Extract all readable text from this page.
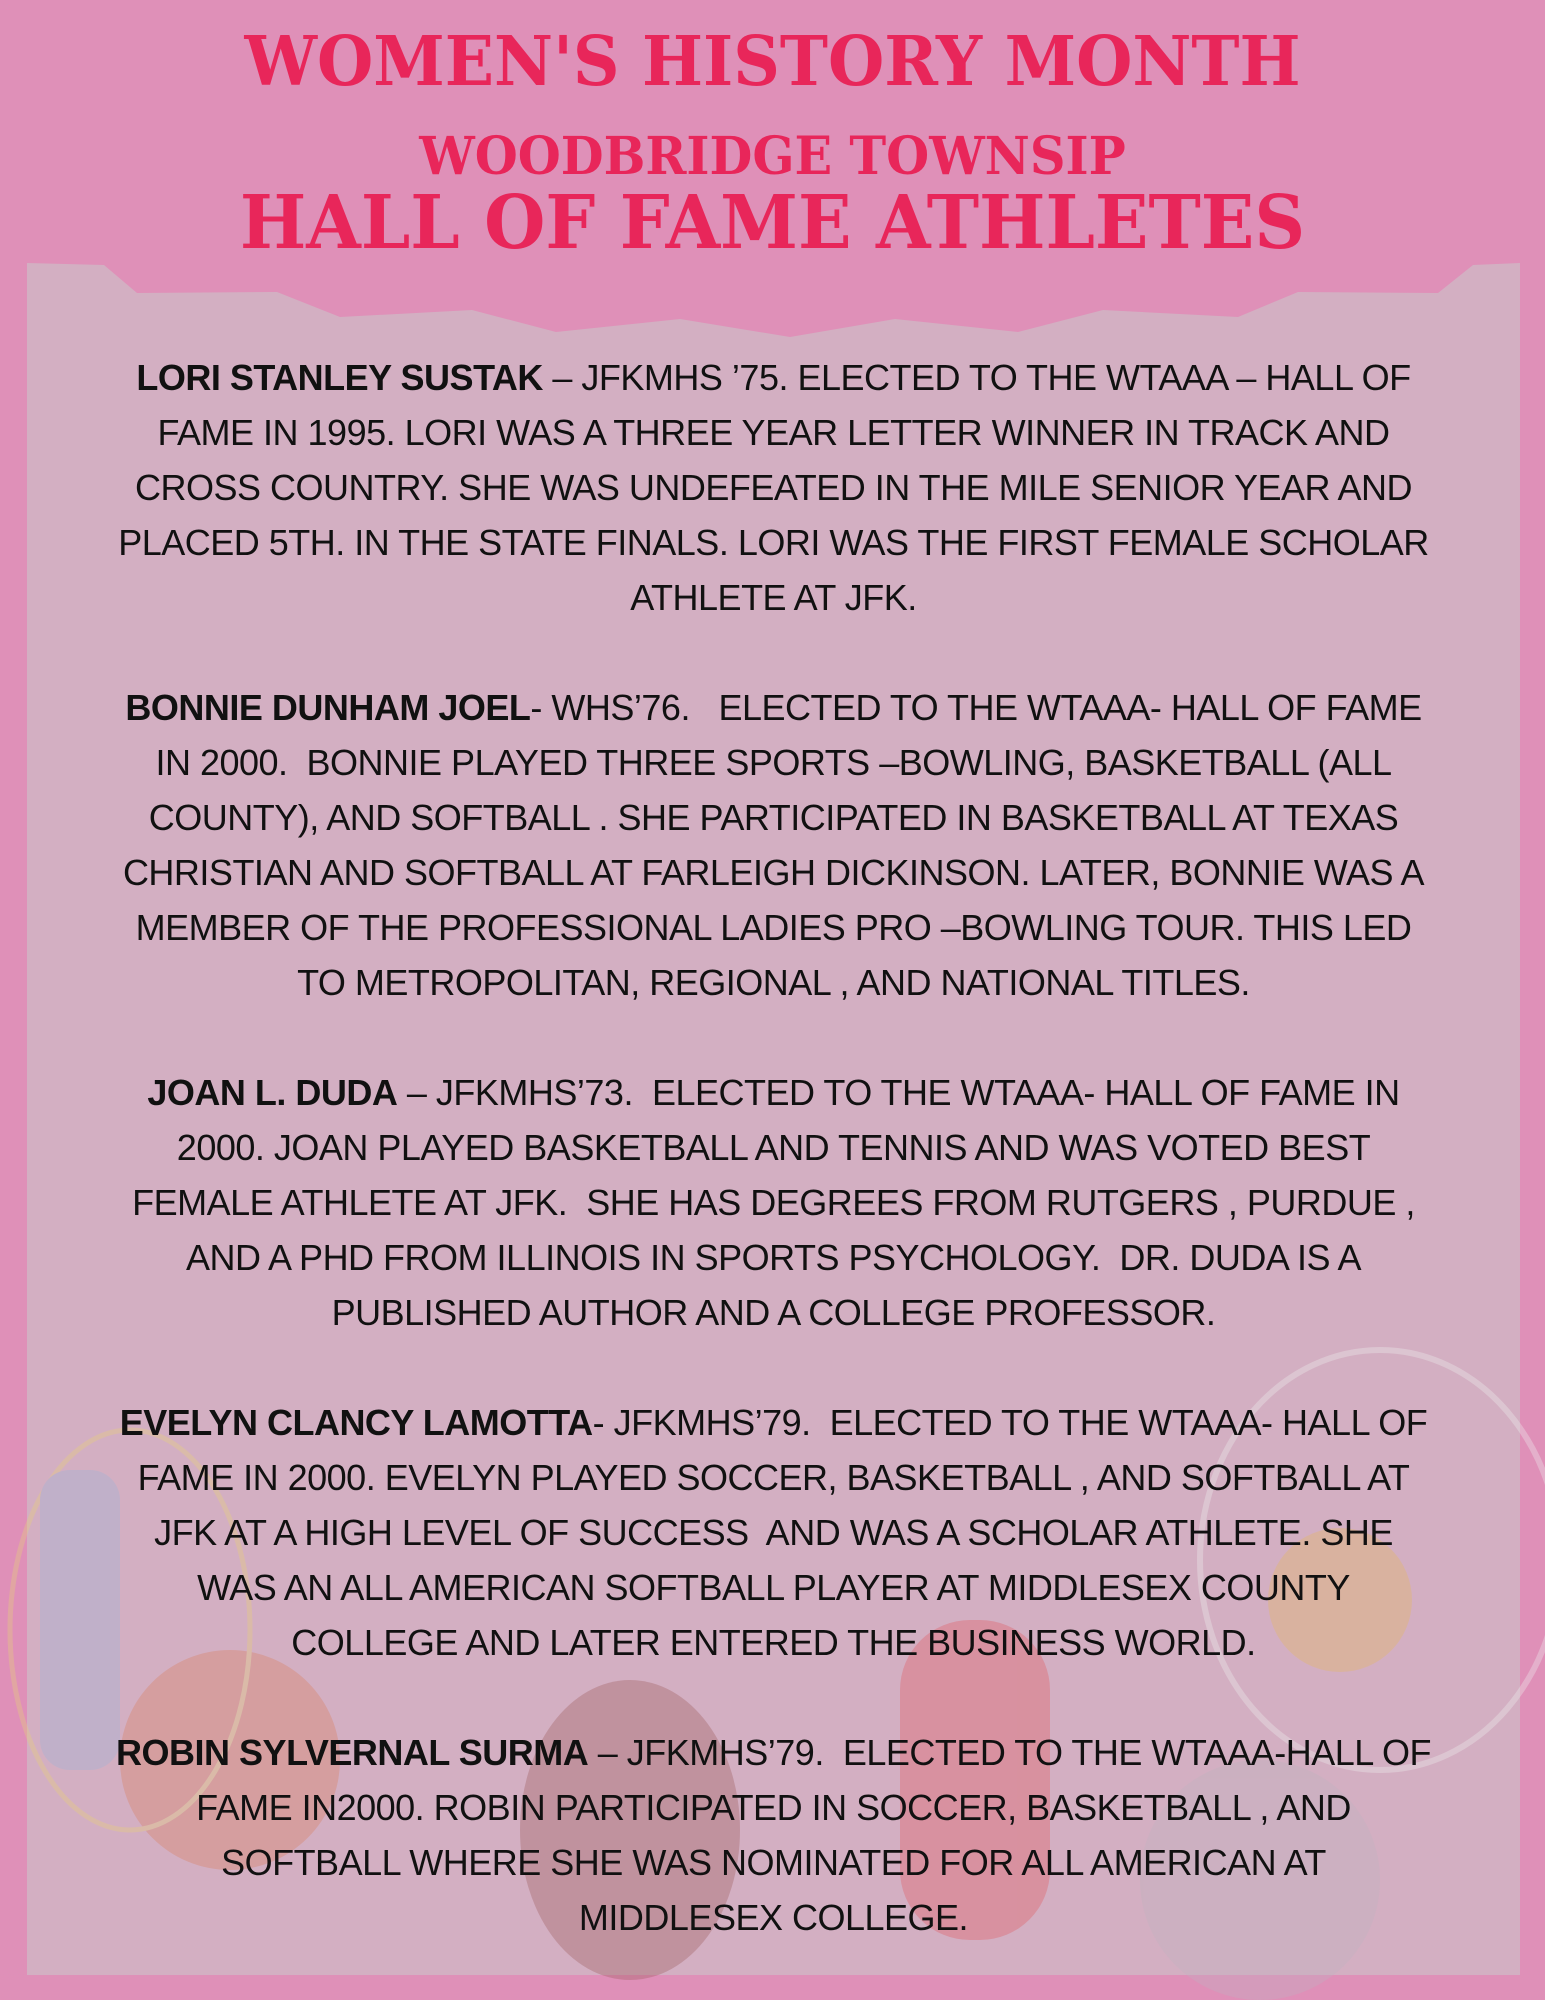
WOMEN'S HISTORY MONTH
WOODBRIDGE TOWNSIP
HALL OF FAME ATHLETES
LORI STANLEY SUSTAK – JFKMHS ’75. ELECTED TO THE WTAAA – HALL OF
FAME IN 1995. LORI WAS A THREE YEAR LETTER WINNER IN TRACK AND
CROSS COUNTRY. SHE WAS UNDEFEATED IN THE MILE SENIOR YEAR AND
PLACED 5TH. IN THE STATE FINALS. LORI WAS THE FIRST FEMALE SCHOLAR
ATHLETE AT JFK.
BONNIE DUNHAM JOEL- WHS’76.   ELECTED TO THE WTAAA- HALL OF FAME
IN 2000.  BONNIE PLAYED THREE SPORTS –BOWLING, BASKETBALL (ALL
COUNTY), AND SOFTBALL . SHE PARTICIPATED IN BASKETBALL AT TEXAS
CHRISTIAN AND SOFTBALL AT FARLEIGH DICKINSON. LATER, BONNIE WAS A
MEMBER OF THE PROFESSIONAL LADIES PRO –BOWLING TOUR. THIS LED
TO METROPOLITAN, REGIONAL , AND NATIONAL TITLES.
JOAN L. DUDA – JFKMHS’73.  ELECTED TO THE WTAAA- HALL OF FAME IN
2000. JOAN PLAYED BASKETBALL AND TENNIS AND WAS VOTED BEST
FEMALE ATHLETE AT JFK.  SHE HAS DEGREES FROM RUTGERS , PURDUE ,
AND A PHD FROM ILLINOIS IN SPORTS PSYCHOLOGY.  DR. DUDA IS A
PUBLISHED AUTHOR AND A COLLEGE PROFESSOR.
EVELYN CLANCY LAMOTTA- JFKMHS’79.  ELECTED TO THE WTAAA- HALL OF
FAME IN 2000. EVELYN PLAYED SOCCER, BASKETBALL , AND SOFTBALL AT
JFK AT A HIGH LEVEL OF SUCCESS  AND WAS A SCHOLAR ATHLETE. SHE
WAS AN ALL AMERICAN SOFTBALL PLAYER AT MIDDLESEX COUNTY
COLLEGE AND LATER ENTERED THE BUSINESS WORLD.
ROBIN SYLVERNAL SURMA – JFKMHS’79.  ELECTED TO THE WTAAA-HALL OF
FAME IN2000. ROBIN PARTICIPATED IN SOCCER, BASKETBALL , AND
SOFTBALL WHERE SHE WAS NOMINATED FOR ALL AMERICAN AT
MIDDLESEX COLLEGE.
